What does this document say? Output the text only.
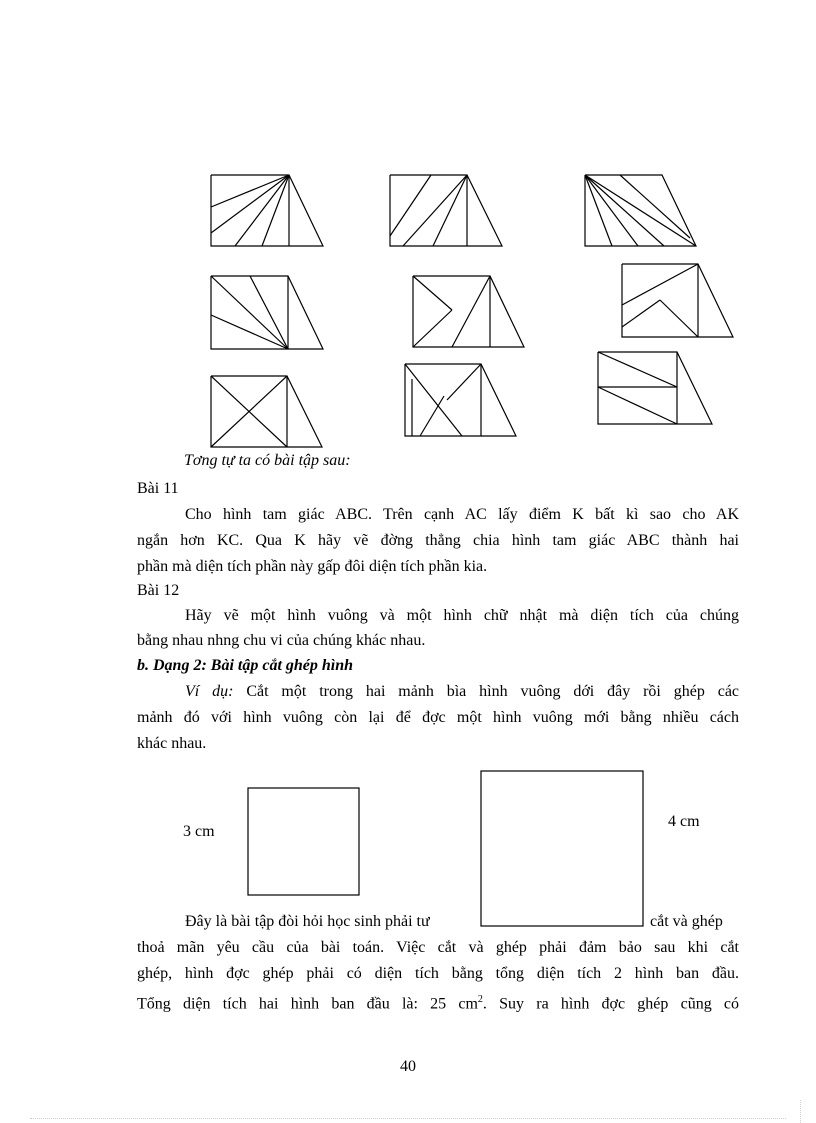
Tơng tự ta có bài tập sau:
Bài 11
Cho hình tam giác ABC. Trên cạnh AC lấy điểm K bất kì sao cho AK
ngắn hơn KC. Qua K hãy vẽ đờng thẳng chia hình tam giác ABC thành hai
phần mà diện tích phần này gấp đôi diện tích phần kia.
Bài 12
Hãy vẽ một hình vuông và một hình chữ nhật mà diện tích của chúng
bằng nhau nhng chu vi của chúng khác nhau.
b. Dạng 2: Bài tập cắt ghép hình
Ví dụ: Cắt một trong hai mảnh bìa hình vuông dới đây rồi ghép các
mảnh đó với hình vuông còn lại để đợc một hình vuông mới bằng nhiều cách
khác nhau.
3 cm
4 cm
Đây là bài tập đòi hỏi học sinh phải tư	cắt và ghép
thoả mãn yêu cầu của bài toán. Việc cắt và ghép phải đảm bảo sau khi cắt
ghép, hình đợc ghép phải có diện tích bằng tổng diện tích 2 hình ban đầu.
Tổng diện tích hai hình ban đầu là: 25 $cm^2$. Suy ra hình đợc ghép cũng có
40
